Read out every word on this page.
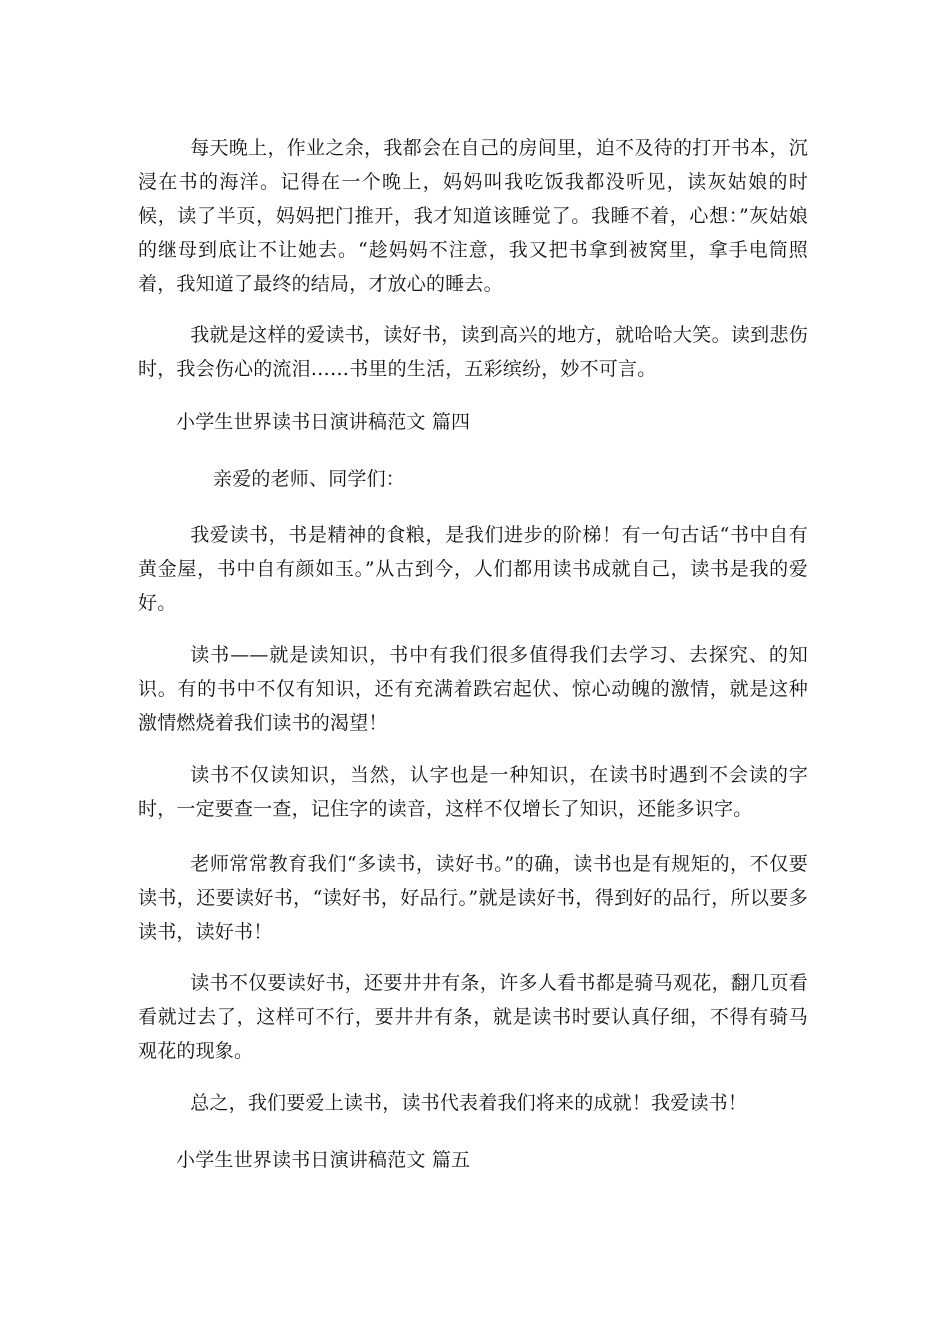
每天晚上，作业之余，我都会在自己的房间里，迫不及待的打开书本，沉浸在书的海洋。记得在一个晚上，妈妈叫我吃饭我都没听见，读灰姑娘的时候，读了半页，妈妈把门推开，我才知道该睡觉了。我睡不着，心想：”灰姑娘的继母到底让不让她去。“趁妈妈不注意，我又把书拿到被窝里，拿手电筒照着，我知道了最终的结局，才放心的睡去。

我就是这样的爱读书，读好书，读到高兴的地方，就哈哈大笑。读到悲伤时，我会伤心的流泪……书里的生活，五彩缤纷，妙不可言。

小学生世界读书日演讲稿范文 篇四

亲爱的老师、同学们：

我爱读书，书是精神的食粮，是我们进步的阶梯！有一句古话“书中自有黄金屋，书中自有颜如玉。”从古到今，人们都用读书成就自己，读书是我的爱好。

读书——就是读知识，书中有我们很多值得我们去学习、去探究、的知识。有的书中不仅有知识，还有充满着跌宕起伏、惊心动魄的激情，就是这种激情燃烧着我们读书的渴望！

读书不仅读知识，当然，认字也是一种知识，在读书时遇到不会读的字时，一定要查一查，记住字的读音，这样不仅增长了知识，还能多识字。

老师常常教育我们“多读书，读好书。”的确，读书也是有规矩的，不仅要读书，还要读好书，“读好书，好品行。”就是读好书，得到好的品行，所以要多读书，读好书！

读书不仅要读好书，还要井井有条，许多人看书都是骑马观花，翻几页看看就过去了，这样可不行，要井井有条，就是读书时要认真仔细，不得有骑马观花的现象。

总之，我们要爱上读书，读书代表着我们将来的成就！我爱读书！

小学生世界读书日演讲稿范文 篇五
